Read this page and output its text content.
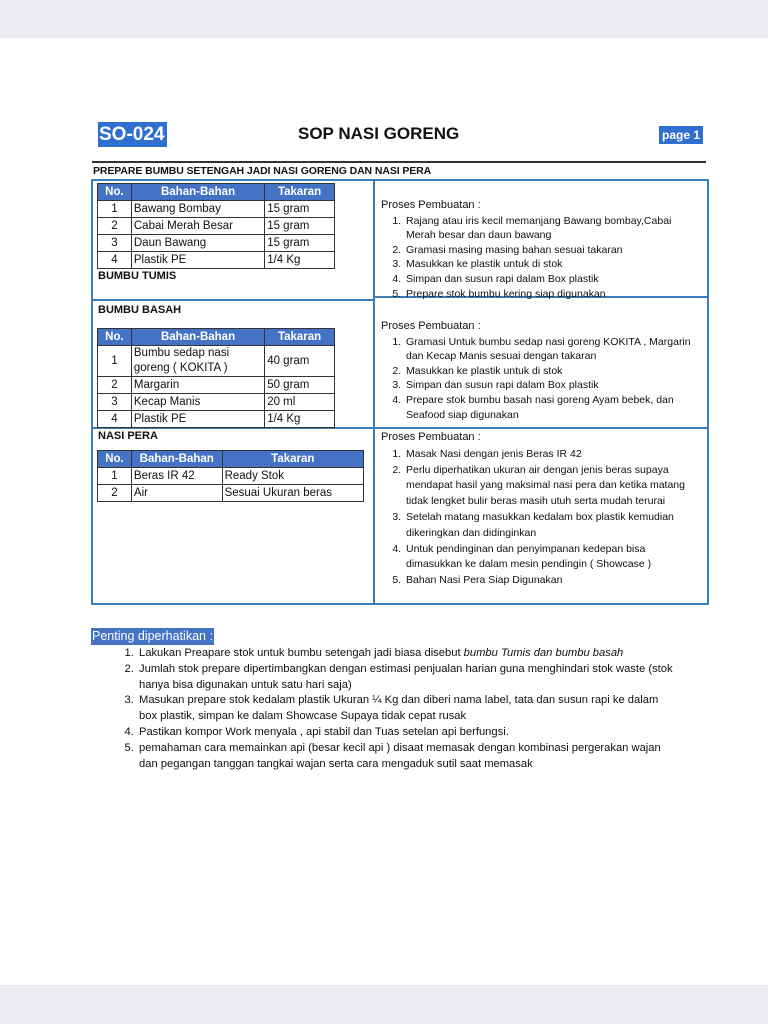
SO-024	SOP NASI GORENG	page 1
PREPARE BUMBU SETENGAH JADI NASI GORENG DAN NASI PERA
No.	Bahan-Bahan	Takaran
1	Bawang Bombay	15 gram
2	Cabai Merah Besar	15 gram
3	Daun Bawang	15 gram
4	Plastik PE	1/4 Kg
BUMBU TUMIS
Proses Pembuatan :
1. Rajang atau iris kecil memanjang Bawang bombay,Cabai Merah besar dan daun bawang
2. Gramasi masing masing bahan sesuai takaran
3. Masukkan ke plastik untuk di stok
4. Simpan dan susun rapi dalam Box plastik
5. Prepare stok bumbu kering siap digunakan
BUMBU BASAH
No.	Bahan-Bahan	Takaran
1	Bumbu sedap nasi goreng ( KOKITA )	40 gram
2	Margarin	50 gram
3	Kecap Manis	20 ml
4	Plastik PE	1/4 Kg
Proses Pembuatan :
1. Gramasi Untuk bumbu sedap nasi goreng KOKITA , Margarin dan Kecap Manis sesuai dengan takaran
2. Masukkan ke plastik untuk di stok
3. Simpan dan susun rapi dalam Box plastik
4. Prepare stok bumbu basah nasi goreng Ayam bebek, dan Seafood siap digunakan
NASI PERA
No.	Bahan-Bahan	Takaran
1	Beras IR 42	Ready Stok
2	Air	Sesuai Ukuran beras
Proses Pembuatan :
1. Masak Nasi dengan jenis Beras IR 42
2. Perlu diperhatikan ukuran air dengan jenis beras supaya mendapat hasil yang maksimal nasi pera dan ketika matang tidak lengket bulir beras masih utuh serta mudah terurai
3. Setelah matang masukkan kedalam box plastik kemudian dikeringkan dan didinginkan
4. Untuk pendinginan dan penyimpanan kedepan bisa dimasukkan ke dalam mesin pendingin ( Showcase )
5. Bahan Nasi Pera Siap Digunakan
Penting diperhatikan :
1. Lakukan Preapare stok untuk bumbu setengah jadi biasa disebut bumbu Tumis dan bumbu basah
2. Jumlah stok prepare dipertimbangkan dengan estimasi penjualan harian guna menghindari stok waste (stok hanya bisa digunakan untuk satu hari saja)
3. Masukan prepare stok kedalam plastik Ukuran ¼ Kg dan diberi nama label, tata dan susun rapi ke dalam box plastik, simpan ke dalam Showcase Supaya tidak cepat rusak
4. Pastikan kompor Work menyala , api stabil dan Tuas setelan api berfungsi.
5. pemahaman cara memainkan api (besar kecil api ) disaat memasak dengan kombinasi pergerakan wajan dan pegangan tanggan tangkai wajan serta cara mengaduk sutil saat memasak
